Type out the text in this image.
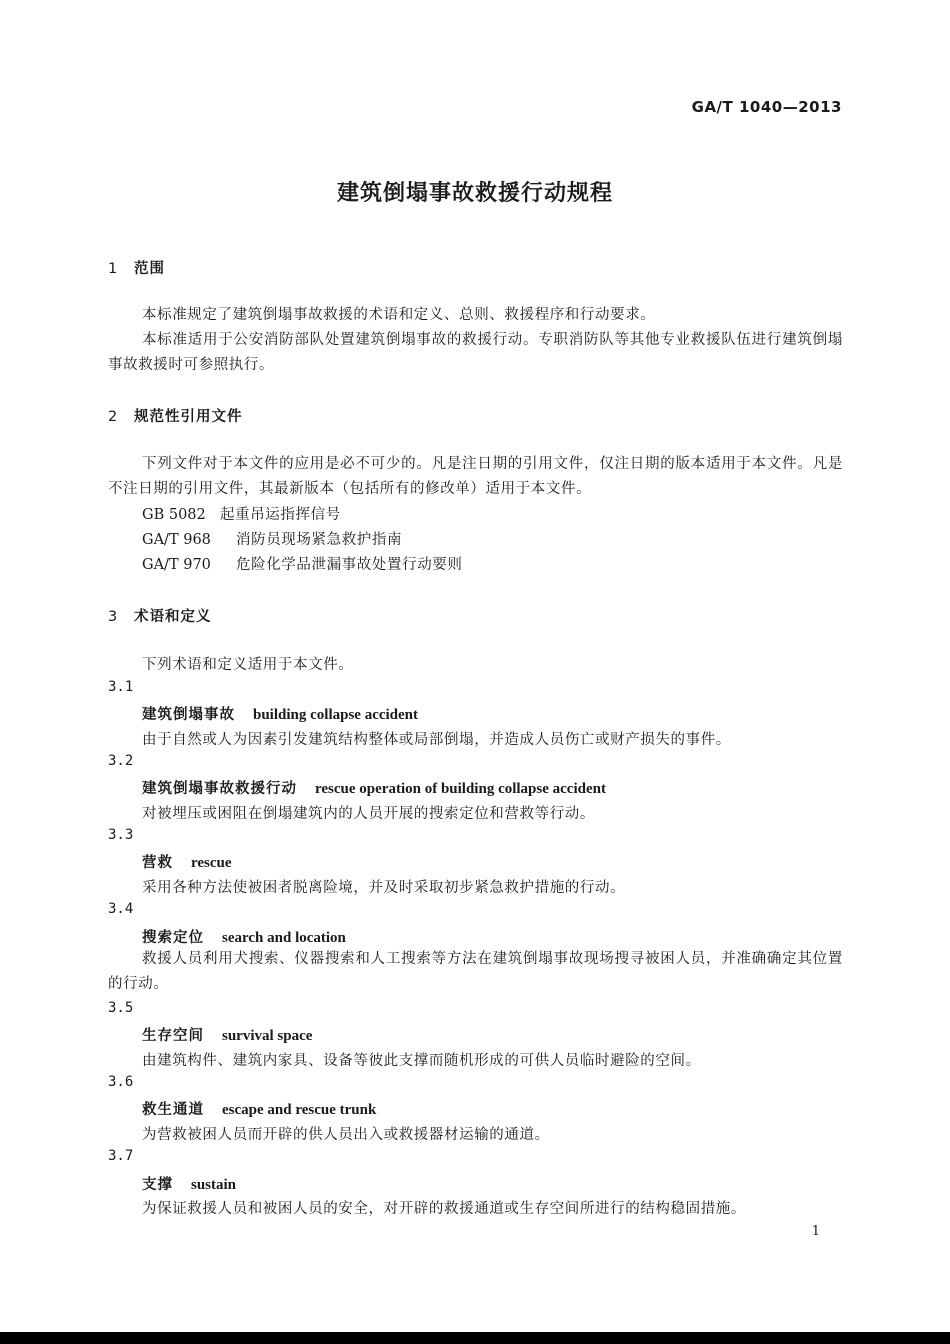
GA/T 1040—2013
建筑倒塌事故救援行动规程
1 范围
本标准规定了建筑倒塌事故救援的术语和定义、总则、救援程序和行动要求。
本标准适用于公安消防部队处置建筑倒塌事故的救援行动。专职消防队等其他专业救援队伍进行建筑倒塌事故救援时可参照执行。
2 规范性引用文件
下列文件对于本文件的应用是必不可少的。凡是注日期的引用文件，仅注日期的版本适用于本文件。凡是不注日期的引用文件，其最新版本（包括所有的修改单）适用于本文件。
GB 5082 起重吊运指挥信号
GA/T 968 消防员现场紧急救护指南
GA/T 970 危险化学品泄漏事故处置行动要则
3 术语和定义
下列术语和定义适用于本文件。
3.1
建筑倒塌事故 building collapse accident
由于自然或人为因素引发建筑结构整体或局部倒塌，并造成人员伤亡或财产损失的事件。
3.2
建筑倒塌事故救援行动 rescue operation of building collapse accident
对被埋压或困阻在倒塌建筑内的人员开展的搜索定位和营救等行动。
3.3
营救 rescue
采用各种方法使被困者脱离险境，并及时采取初步紧急救护措施的行动。
3.4
搜索定位 search and location
救援人员利用犬搜索、仪器搜索和人工搜索等方法在建筑倒塌事故现场搜寻被困人员，并准确确定其位置的行动。
3.5
生存空间 survival space
由建筑构件、建筑内家具、设备等彼此支撑而随机形成的可供人员临时避险的空间。
3.6
救生通道 escape and rescue trunk
为营救被困人员而开辟的供人员出入或救援器材运输的通道。
3.7
支撑 sustain
为保证救援人员和被困人员的安全，对开辟的救援通道或生存空间所进行的结构稳固措施。
1
